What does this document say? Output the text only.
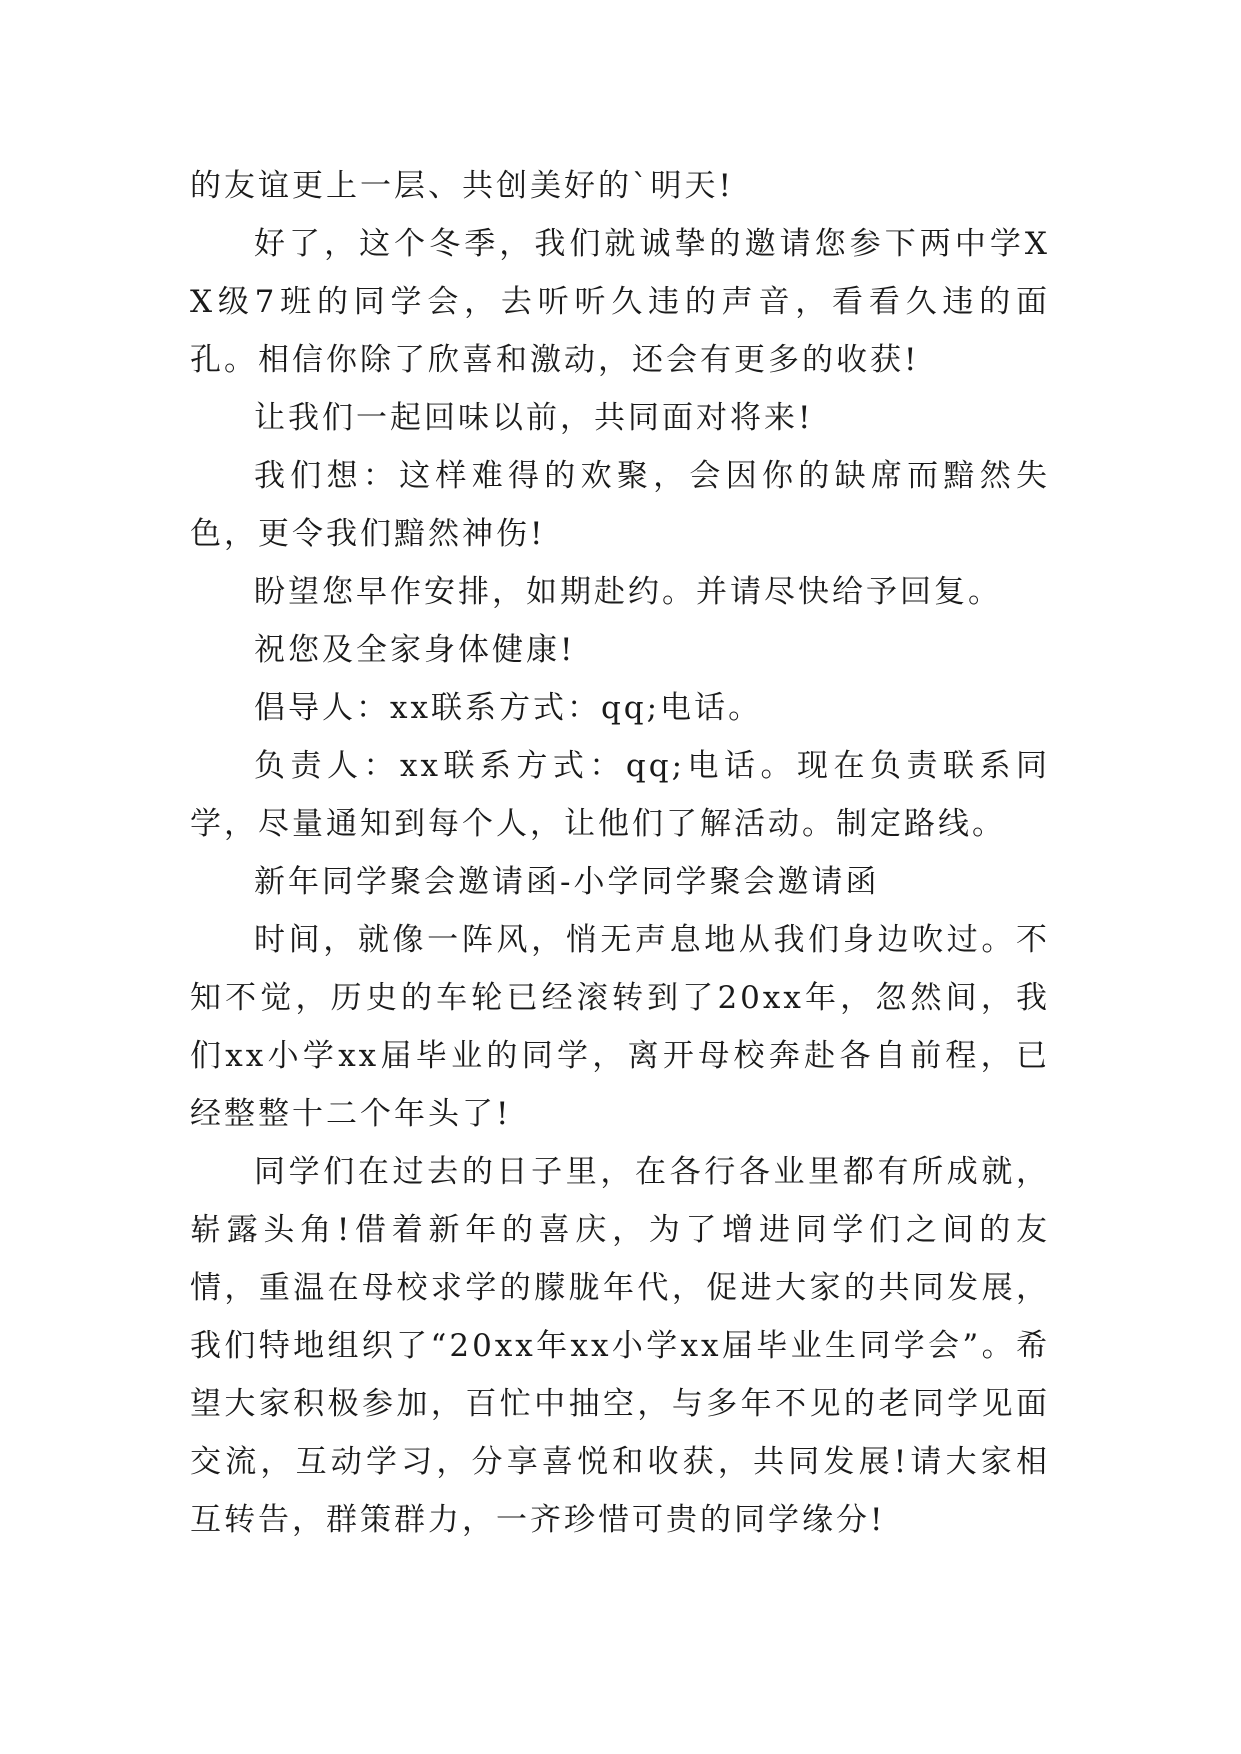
的友谊更上一层、共创美好的`明天!

好了，这个冬季，我们就诚挚的邀请您参下两中学XX级7班的同学会，去听听久违的声音，看看久违的面孔。相信你除了欣喜和激动，还会有更多的收获!

让我们一起回味以前，共同面对将来!

我们想：这样难得的欢聚，会因你的缺席而黯然失色，更令我们黯然神伤!

盼望您早作安排，如期赴约。并请尽快给予回复。

祝您及全家身体健康!

倡导人：xx联系方式：qq;电话。

负责人：xx联系方式：qq;电话。现在负责联系同学，尽量通知到每个人，让他们了解活动。制定路线。

新年同学聚会邀请函-小学同学聚会邀请函

时间，就像一阵风，悄无声息地从我们身边吹过。不知不觉，历史的车轮已经滚转到了20xx年，忽然间，我们xx小学xx届毕业的同学，离开母校奔赴各自前程，已经整整十二个年头了!

同学们在过去的日子里，在各行各业里都有所成就，崭露头角!借着新年的喜庆，为了增进同学们之间的友情，重温在母校求学的朦胧年代，促进大家的共同发展，我们特地组织了“20xx年xx小学xx届毕业生同学会”。希望大家积极参加，百忙中抽空，与多年不见的老同学见面交流，互动学习，分享喜悦和收获，共同发展!请大家相互转告，群策群力，一齐珍惜可贵的同学缘分!
